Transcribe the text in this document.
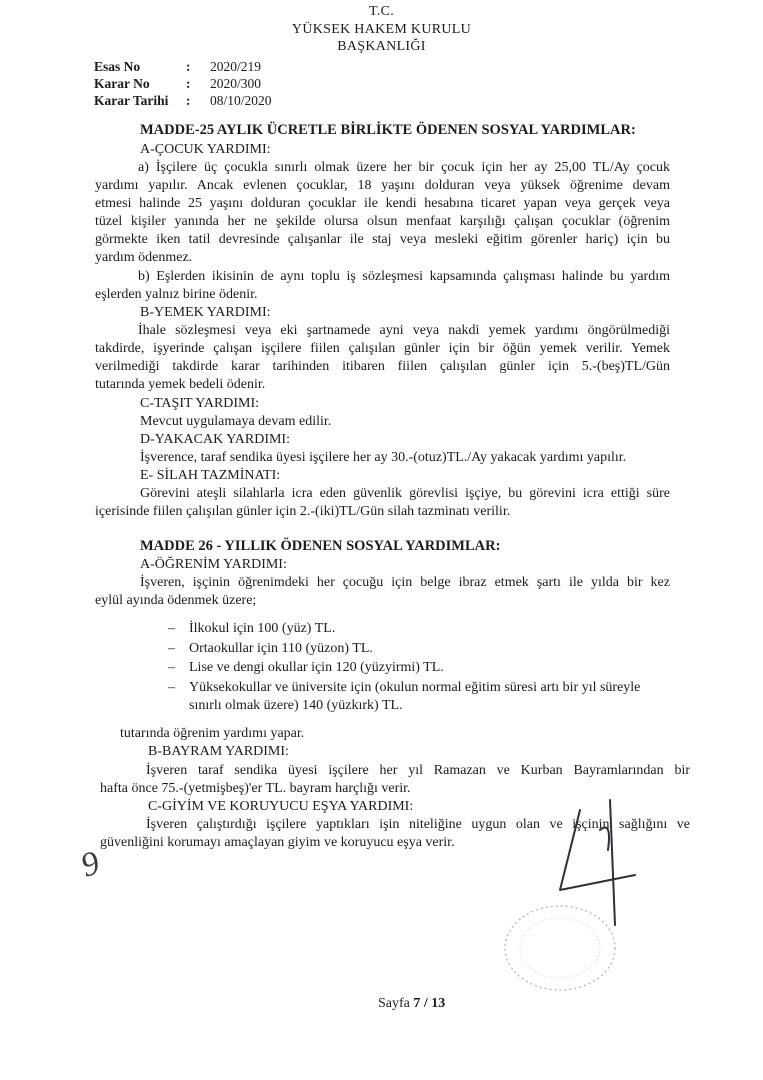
T.C.
YÜKSEK HAKEM KURULU
BAŞKANLIĞI
Esas No	: 2020/219
Karar No	: 2020/300
Karar Tarihi : 08/10/2020
MADDE-25 AYLIK ÜCRETLE BİRLİKTE ÖDENEN SOSYAL YARDIMLAR:
A-ÇOCUK YARDIMI:
a) İşçilere üç çocukla sınırlı olmak üzere her bir çocuk için her ay 25,00 TL/Ay çocuk
yardımı yapılır. Ancak evlenen çocuklar, 18 yaşını dolduran veya yüksek öğrenime devam
etmesi halinde 25 yaşını dolduran çocuklar ile kendi hesabına ticaret yapan veya gerçek veya
tüzel kişiler yanında her ne şekilde olursa olsun menfaat karşılığı çalışan çocuklar (öğrenim
görmekte iken tatil devresinde çalışanlar ile staj veya mesleki eğitim görenler hariç) için bu
yardım ödenmez.
b) Eşlerden ikisinin de aynı toplu iş sözleşmesi kapsamında çalışması halinde bu yardım
eşlerden yalnız birine ödenir.
B-YEMEK YARDIMI:
İhale sözleşmesi veya eki şartnamede ayni veya nakdi yemek yardımı öngörülmediği
takdirde, işyerinde çalışan işçilere fiilen çalışılan günler için bir öğün yemek verilir. Yemek
verilmediği takdirde karar tarihinden itibaren fiilen çalışılan günler için 5.-(beş)TL/Gün
tutarında yemek bedeli ödenir.
C-TAŞIT YARDIMI:
Mevcut uygulamaya devam edilir.
D-YAKACAK YARDIMI:
İşverence, taraf sendika üyesi işçilere her ay 30.-(otuz)TL./Ay yakacak yardımı yapılır.
E- SİLAH TAZMİNATI:
Görevini ateşli silahlarla icra eden güvenlik görevlisi işçiye, bu görevini icra ettiği süre
içerisinde fiilen çalışılan günler için 2.-(iki)TL/Gün silah tazminatı verilir.
MADDE 26 - YILLIK ÖDENEN SOSYAL YARDIMLAR:
A-ÖĞRENİM YARDIMI:
İşveren, işçinin öğrenimdeki her çocuğu için belge ibraz etmek şartı ile yılda bir kez
eylül ayında ödenmek üzere;
– İlkokul için 100 (yüz) TL.
– Ortaokullar için 110 (yüzon) TL.
– Lise ve dengi okullar için 120 (yüzyirmi) TL.
– Yüksekokullar ve üniversite için (okulun normal eğitim süresi artı bir yıl süreyle
sınırlı olmak üzere) 140 (yüzkırk) TL.
tutarında öğrenim yardımı yapar.
B-BAYRAM YARDIMI:
İşveren taraf sendika üyesi işçilere her yıl Ramazan ve Kurban Bayramlarından bir
hafta önce 75.-(yetmişbeş)'er TL. bayram harçlığı verir.
C-GİYİM VE KORUYUCU EŞYA YARDIMI:
İşveren çalıştırdığı işçilere yaptıkları işin niteliğine uygun olan ve işçinin sağlığını ve
güvenliğini korumayı amaçlayan giyim ve koruyucu eşya verir.
9
Sayfa 7 / 13
